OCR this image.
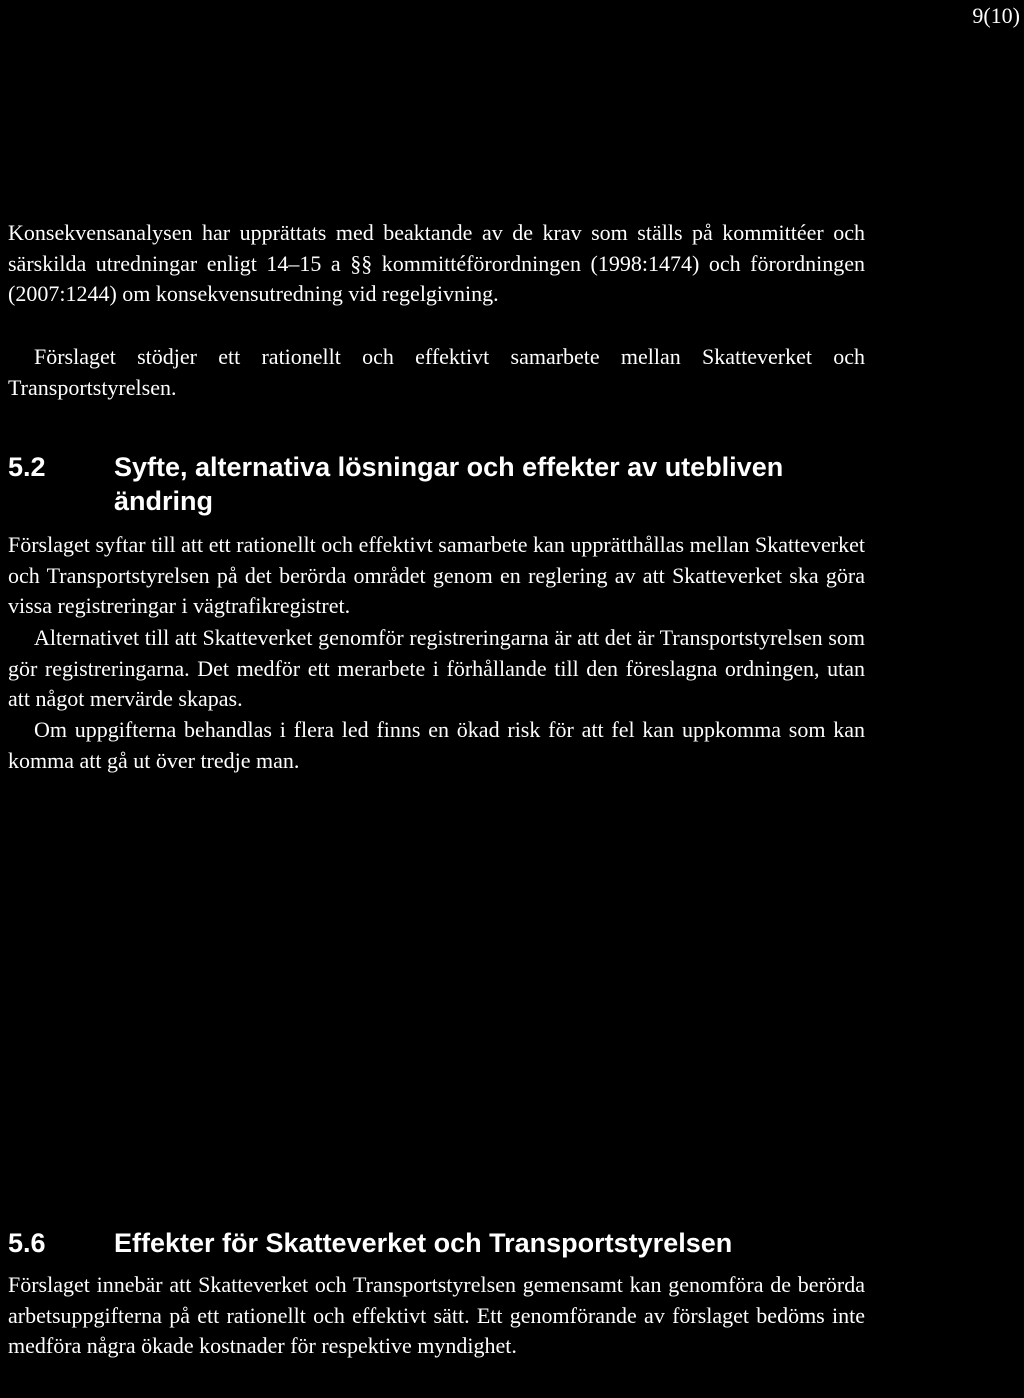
9(10)

Konsekvensanalysen har upprättats med beaktande av de krav som ställs på kommittéer och särskilda utredningar enligt 14–15 a §§ kommittéförordningen (1998:1474) och förordningen (2007:1244) om konsekvensutredning vid regelgivning.

Förslaget stödjer ett rationellt och effektivt samarbete mellan Skatteverket och Transportstyrelsen.

5.2	Syfte, alternativa lösningar och effekter av utebliven ändring

Förslaget syftar till att ett rationellt och effektivt samarbete kan upprätthållas mellan Skatteverket och Transportstyrelsen på det berörda området genom en reglering av att Skatteverket ska göra vissa registreringar i vägtrafikregistret.

Alternativet till att Skatteverket genomför registreringarna är att det är Transportstyrelsen som gör registreringarna. Det medför ett merarbete i förhållande till den föreslagna ordningen, utan att något mervärde skapas.

Om uppgifterna behandlas i flera led finns en ökad risk för att fel kan uppkomma som kan komma att gå ut över tredje man.

5.6	Effekter för Skatteverket och Transportstyrelsen

Förslaget innebär att Skatteverket och Transportstyrelsen gemensamt kan genomföra de berörda arbetsuppgifterna på ett rationellt och effektivt sätt. Ett genomförande av förslaget bedöms inte medföra några ökade kostnader för respektive myndighet.
